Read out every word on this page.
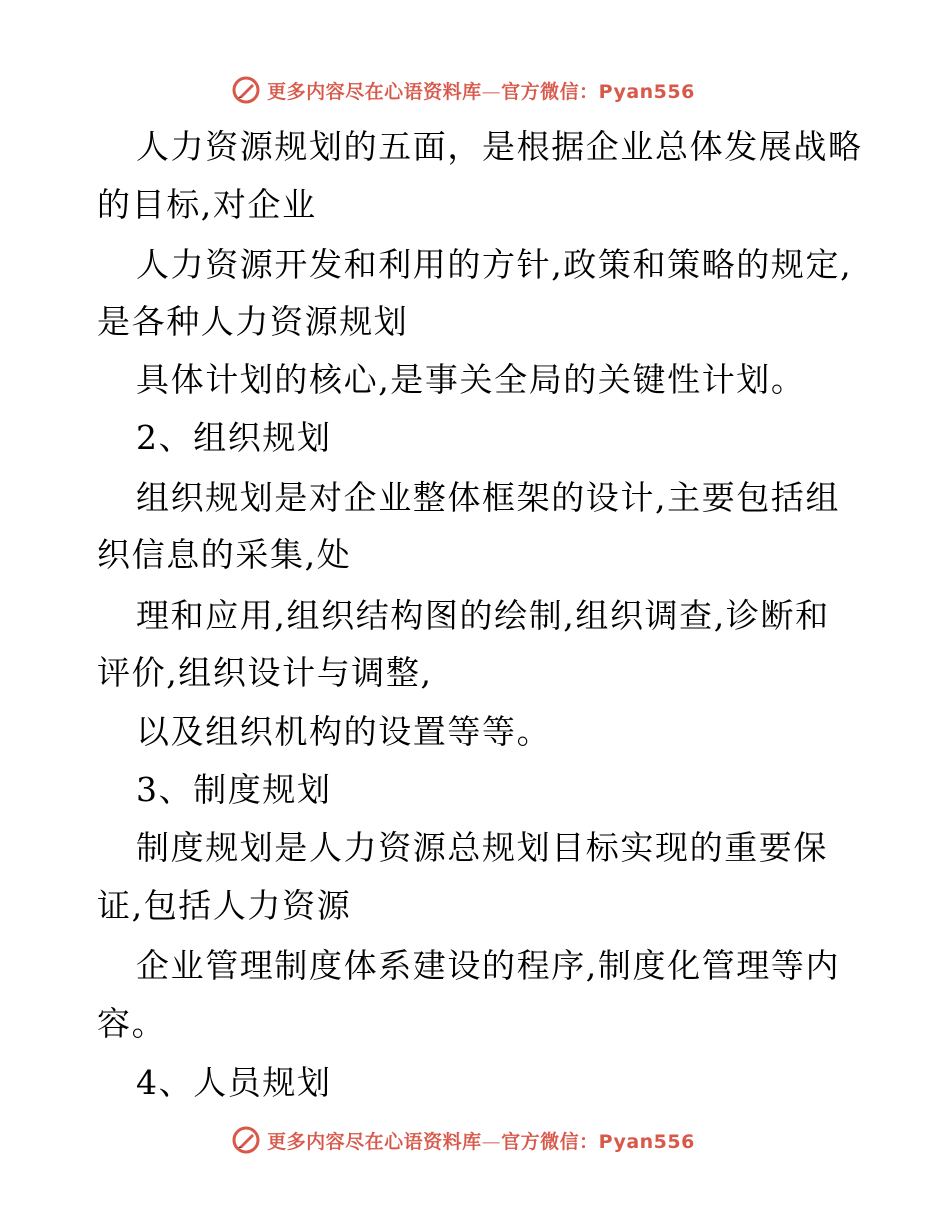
更多内容尽在心语资料库—官方微信：Pyan556
人力资源规划的五面，是根据企业总体发展战略
的目标,对企业
人力资源开发和利用的方针,政策和策略的规定,
是各种人力资源规划
具体计划的核心,是事关全局的关键性计划。
2、组织规划
组织规划是对企业整体框架的设计,主要包括组
织信息的采集,处
理和应用,组织结构图的绘制,组织调查,诊断和
评价,组织设计与调整,
以及组织机构的设置等等。
3、制度规划
制度规划是人力资源总规划目标实现的重要保
证,包括人力资源
企业管理制度体系建设的程序,制度化管理等内
容。
4、人员规划
更多内容尽在心语资料库—官方微信：Pyan556
